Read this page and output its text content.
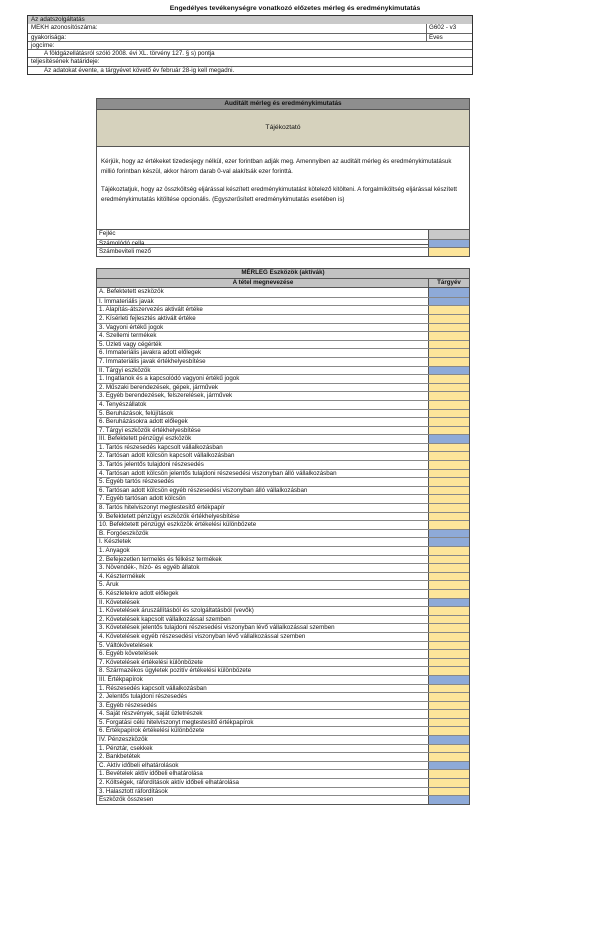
Engedélyes tevékenységre vonatkozó előzetes mérleg és eredménykimutatás
Az adatszolgáltatás
MEKH azonosítószáma:	G602 - v3
gyakorisága:	Éves
jogcíme:
A földgázellátásról szóló 2008. évi XL. törvény 127. § s) pontja
teljesítésének határideje:
Az adatokat évente, a tárgyévet követő év február 28-ig kell megadni.
Auditált mérleg és eredménykimutatás
Tájékoztató

Kérjük, hogy az értékeket tizedesjegy nélkül, ezer forintban adják meg. Amennyiben az auditált mérleg és eredménykimutatásuk millió forintban készül, akkor három darab 0-val alakítsák ezer forinttá.

Tájékoztatjuk, hogy az összköltség eljárással készített eredménykimutatást kötelező kitölteni. A forgalmiköltség eljárással készített eredménykimutatás kitöltése opcionális. (Egyszerűsített eredménykimutatás esetében is)

Fejléc
Számolódó cella
Számbeviteli mező
MÉRLEG Eszközök (aktívák)
A tétel megnevezése	Tárgyév
A. Befektetett eszközök
I. Immateriális javak
1. Alapítás-átszervezés aktivált értéke
2. Kísérleti fejlesztés aktivált értéke
3. Vagyoni értékű jogok
4. Szellemi termékek
5. Üzleti vagy cégérték
6. Immateriális javakra adott előlegek
7. Immateriális javak értékhelyesbítése
II. Tárgyi eszközök
1. Ingatlanok és a kapcsolódó vagyoni értékű jogok
2. Műszaki berendezések, gépek, járművek
3. Egyéb berendezések, felszerelések, járművek
4. Tenyészállatok
5. Beruházások, felújítások
6. Beruházásokra adott előlegek
7. Tárgyi eszközök értékhelyesbítése
III. Befektetett pénzügyi eszközök
1. Tartós részesedés kapcsolt vállalkozásban
2. Tartósan adott kölcsön kapcsolt vállalkozásban
3. Tartós jelentős tulajdoni részesedés
4. Tartósan adott kölcsön jelentős tulajdoni részesedési viszonyban álló vállalkozásban
5. Egyéb tartós részesedés
6. Tartósan adott kölcsön egyéb részesedési viszonyban álló vállalkozásban
7. Egyéb tartósan adott kölcsön
8. Tartós hitelviszonyt megtestesítő értékpapír
9. Befektetett pénzügyi eszközök értékhelyesbítése
10. Befektetett pénzügyi eszközök értékelési különbözete
B. Forgóeszközök
I. Készletek
1. Anyagok
2. Befejezetlen termelés és félkész termékek
3. Növendék-, hízó- és egyéb állatok
4. Késztermékek
5. Áruk
6. Készletekre adott előlegek
II. Követelések
1. Követelések áruszállításból és szolgáltatásból (vevők)
2. Követelések kapcsolt vállalkozással szemben
3. Követelések jelentős tulajdoni részesedési viszonyban lévő vállalkozással szemben
4. Követelések egyéb részesedési viszonyban lévő vállalkozással szemben
5. Váltókövetelések
6. Egyéb követelések
7. Követelések értékelési különbözete
8. Származékos ügyletek pozitív értékelési különbözete
III. Értékpapírok
1. Részesedés kapcsolt vállalkozásban
2. Jelentős tulajdoni részesedés
3. Egyéb részesedés
4. Saját részvények, saját üzletrészek
5. Forgatási célú hitelviszonyt megtestesítő értékpapírok
6. Értékpapírok értékelési különbözete
IV. Pénzeszközök
1. Pénztár, csekkek
2. Bankbetétek
C. Aktív időbeli elhatárolások
1. Bevételek aktív időbeli elhatárolása
2. Költségek, ráfordítások aktív időbeli elhatárolása
3. Halasztott ráfordítások
Eszközök összesen
